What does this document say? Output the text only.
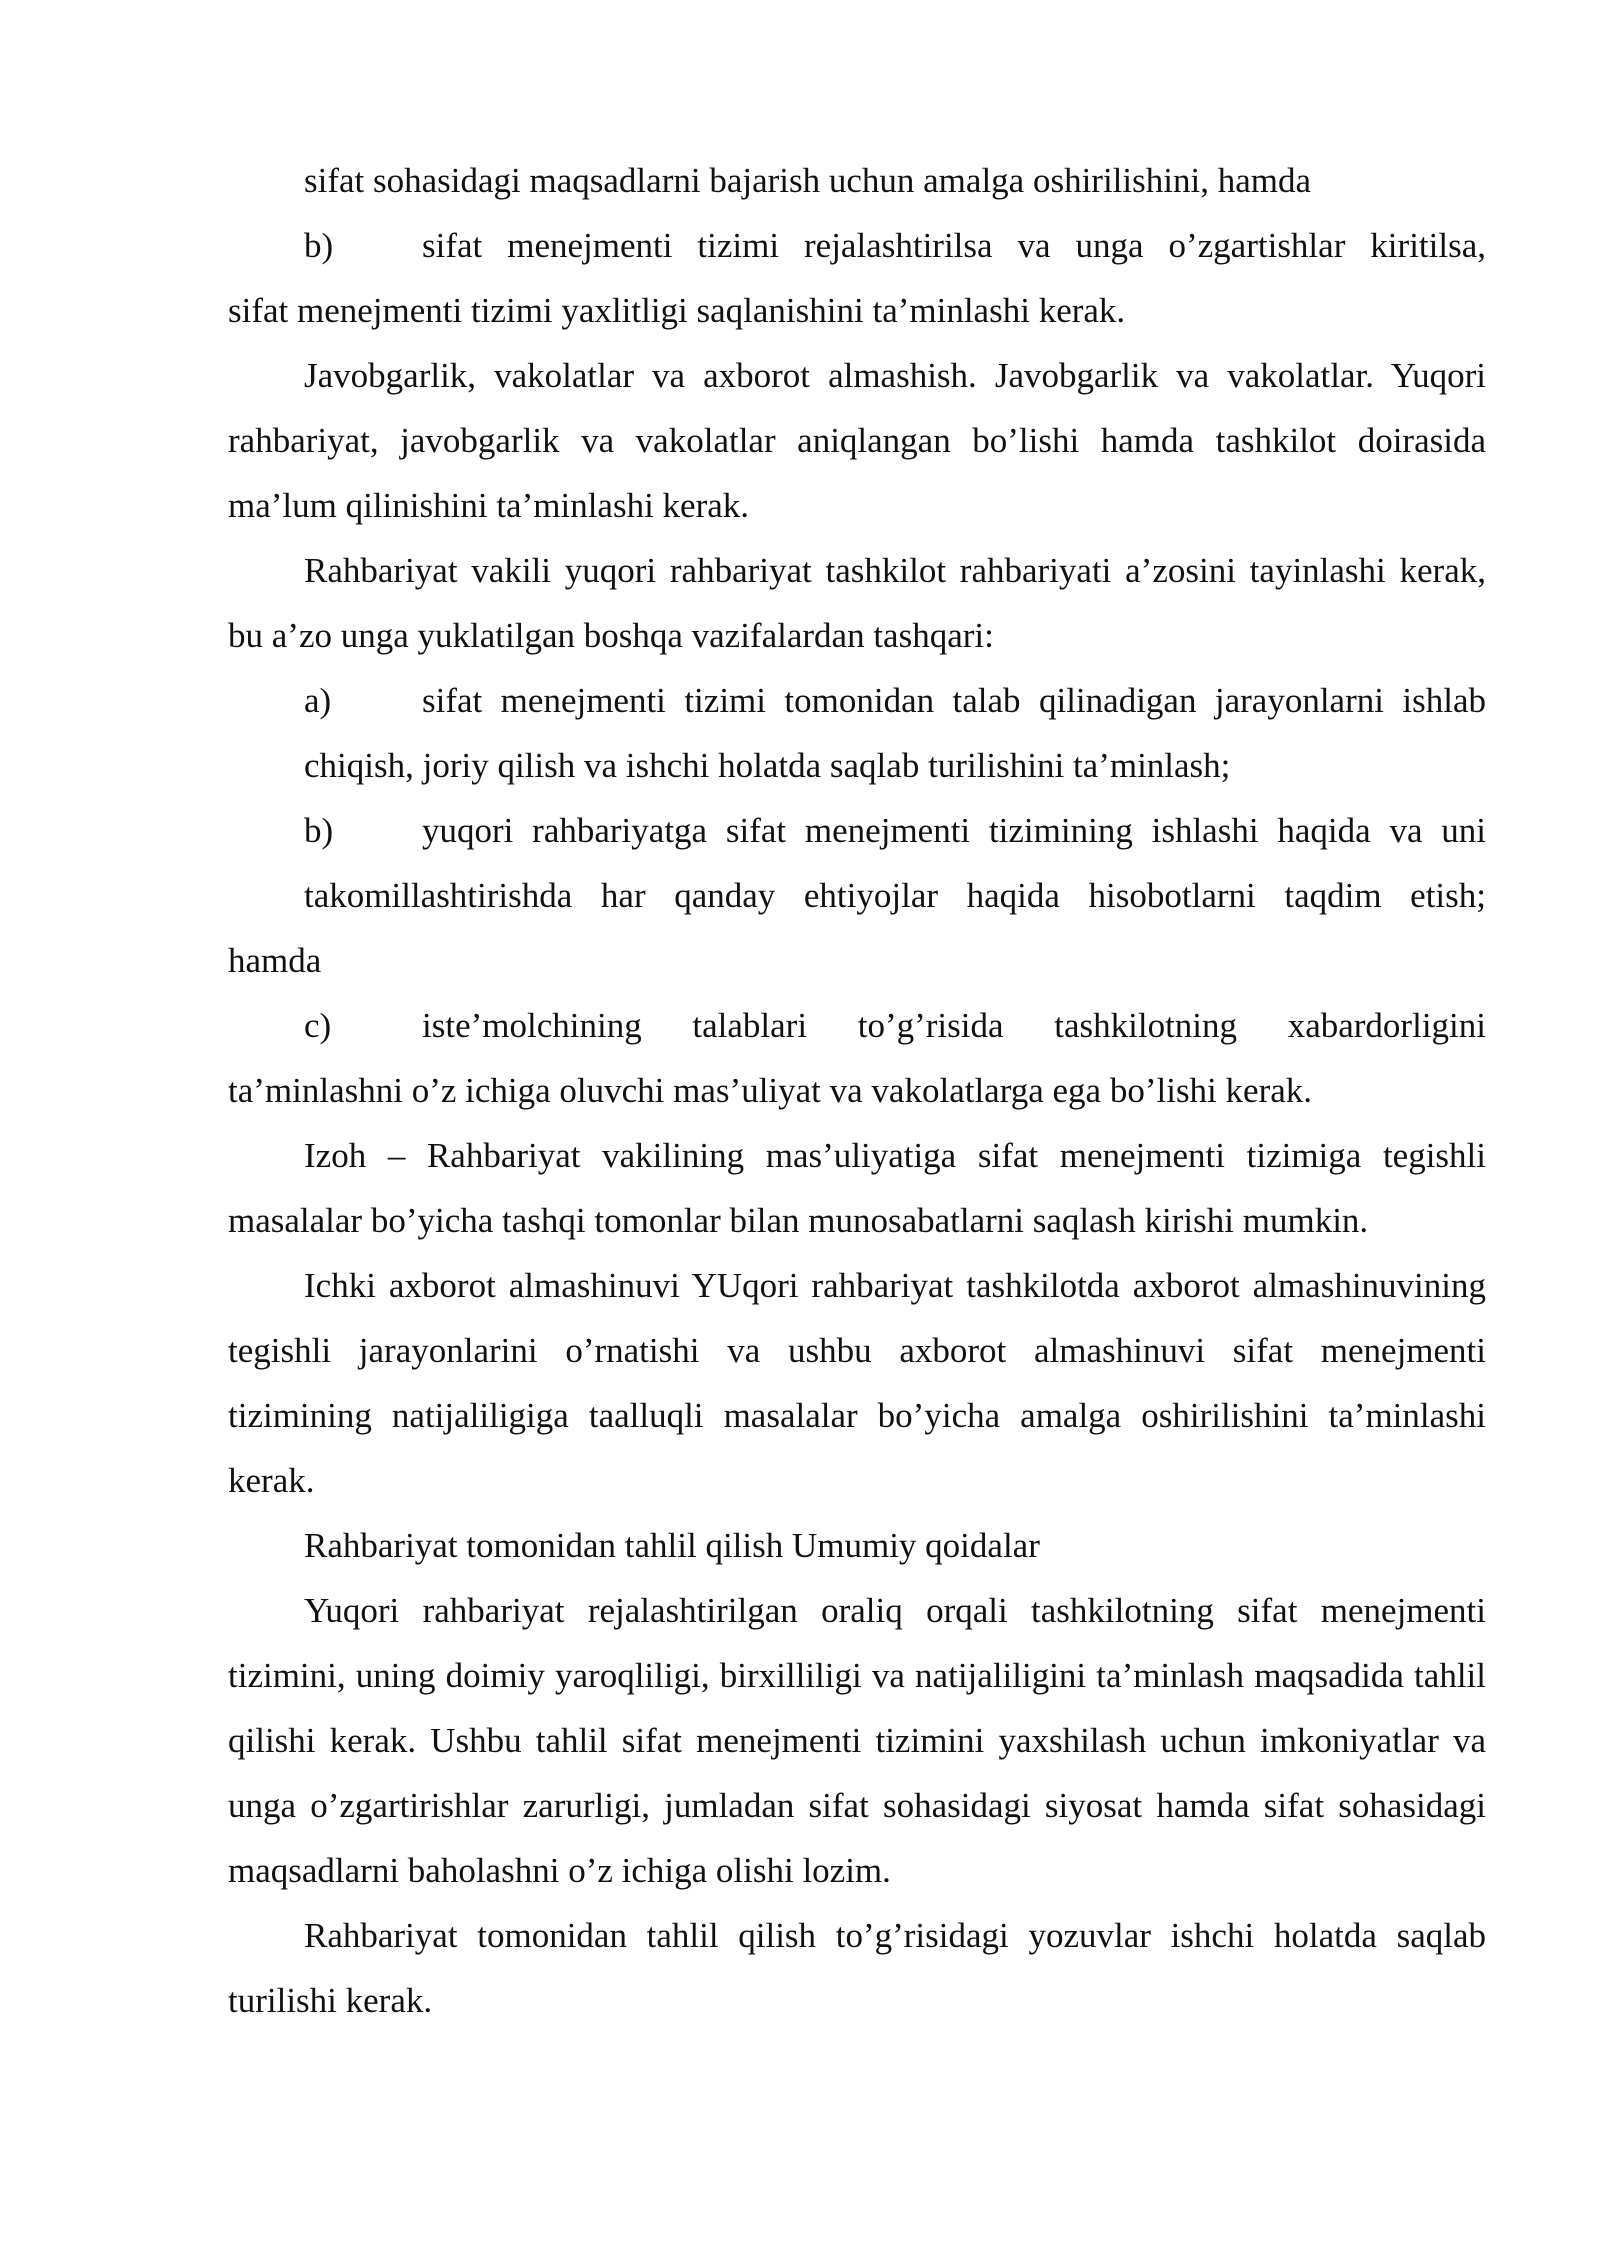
sifat sohasidagi maqsadlarni bajarish uchun amalga oshirilishini, hamda

b)	sifat menejmenti tizimi rejalashtirilsa va unga o’zgartishlar kiritilsa,

sifat menejmenti tizimi yaxlitligi saqlanishini ta’minlashi kerak.

Javobgarlik, vakolatlar va axborot almashish. Javobgarlik va vakolatlar. Yuqori rahbariyat, javobgarlik va vakolatlar aniqlangan bo’lishi hamda tashkilot doirasida ma’lum qilinishini ta’minlashi kerak.

Rahbariyat vakili yuqori rahbariyat tashkilot rahbariyati a’zosini tayinlashi kerak, bu a’zo unga yuklatilgan boshqa vazifalardan tashqari:

a)	sifat menejmenti tizimi tomonidan talab qilinadigan jarayonlarni ishlab
chiqish, joriy qilish va ishchi holatda saqlab turilishini ta’minlash;
b)	yuqori rahbariyatga sifat menejmenti tizimining ishlashi haqida va uni
takomillashtirishda har qanday ehtiyojlar haqida hisobotlarni taqdim etish;
hamda
c)	iste’molchining talablari to’g’risida tashkilotning xabardorligini

ta’minlashni o’z ichiga oluvchi mas’uliyat va vakolatlarga ega bo’lishi kerak.

Izoh – Rahbariyat vakilining mas’uliyatiga sifat menejmenti tizimiga tegishli masalalar bo’yicha tashqi tomonlar bilan munosabatlarni saqlash kirishi mumkin.

Ichki axborot almashinuvi YUqori rahbariyat tashkilotda axborot almashinuvining tegishli jarayonlarini o’rnatishi va ushbu axborot almashinuvi sifat menejmenti tizimining natijaliligiga taalluqli masalalar bo’yicha amalga oshirilishini ta’minlashi kerak.

Rahbariyat tomonidan tahlil qilish Umumiy qoidalar

Yuqori rahbariyat rejalashtirilgan oraliq orqali tashkilotning sifat menejmenti tizimini, uning doimiy yaroqliligi, birxilliligi va natijaliligini ta’minlash maqsadida tahlil qilishi kerak. Ushbu tahlil sifat menejmenti tizimini yaxshilash uchun imkoniyatlar va unga o’zgartirishlar zarurligi, jumladan sifat sohasidagi siyosat hamda sifat sohasidagi maqsadlarni baholashni o’z ichiga olishi lozim.

Rahbariyat tomonidan tahlil qilish to’g’risidagi yozuvlar ishchi holatda saqlab turilishi kerak.
